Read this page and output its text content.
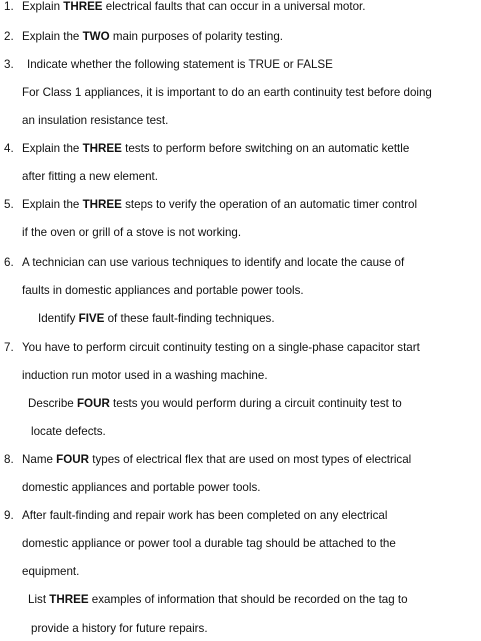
1. Explain THREE electrical faults that can occur in a universal motor.
2. Explain the TWO main purposes of polarity testing.
3. Indicate whether the following statement is TRUE or FALSE
For Class 1 appliances, it is important to do an earth continuity test before doing
an insulation resistance test.
4. Explain the THREE tests to perform before switching on an automatic kettle
after fitting a new element.
5. Explain the THREE steps to verify the operation of an automatic timer control
if the oven or grill of a stove is not working.
6. A technician can use various techniques to identify and locate the cause of
faults in domestic appliances and portable power tools.
Identify FIVE of these fault-finding techniques.
7. You have to perform circuit continuity testing on a single-phase capacitor start
induction run motor used in a washing machine.
Describe FOUR tests you would perform during a circuit continuity test to
locate defects.
8. Name FOUR types of electrical flex that are used on most types of electrical
domestic appliances and portable power tools.
9. After fault-finding and repair work has been completed on any electrical
domestic appliance or power tool a durable tag should be attached to the
equipment.
List THREE examples of information that should be recorded on the tag to
provide a history for future repairs.
